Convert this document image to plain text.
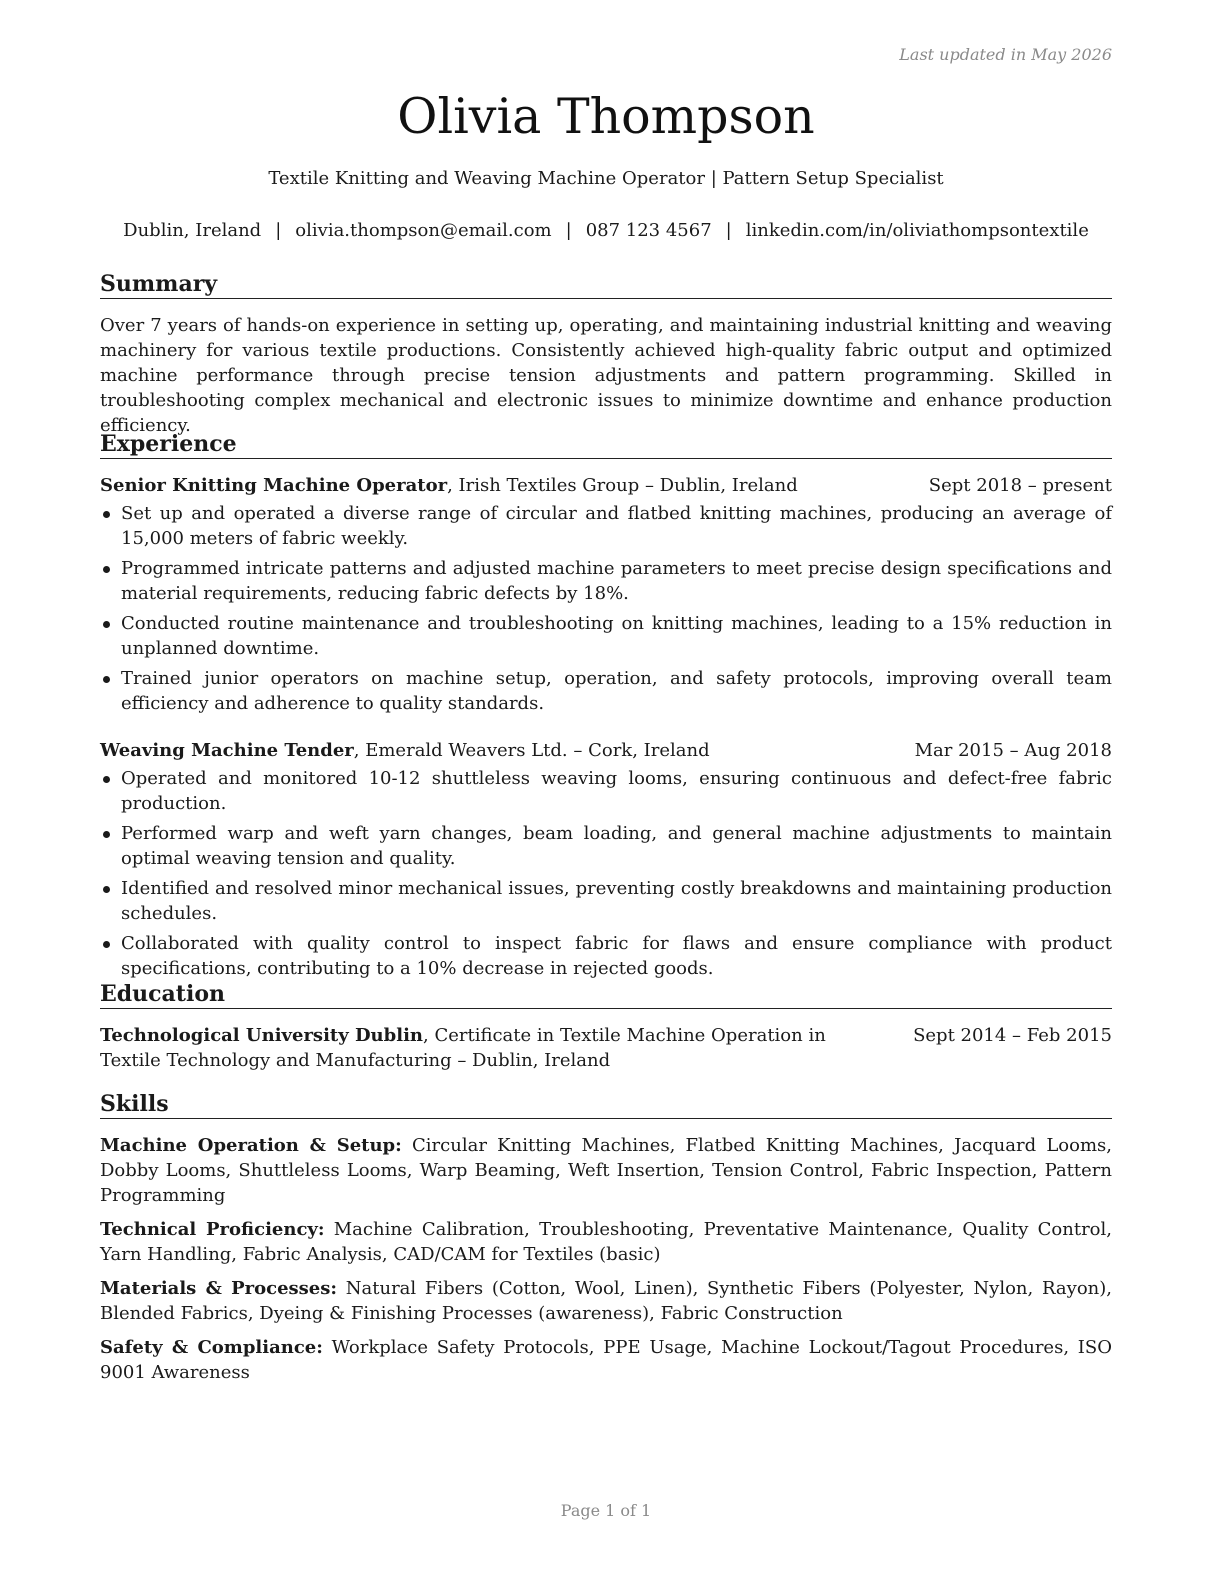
Last updated in May 2026
Olivia Thompson
Textile Knitting and Weaving Machine Operator | Pattern Setup Specialist
Dublin, Ireland | olivia.thompson@email.com | 087 123 4567 | linkedin.com/in/oliviathompsontextile
Summary
Over 7 years of hands-on experience in setting up, operating, and maintaining industrial knitting and weaving machinery for various textile productions. Consistently achieved high-quality fabric output and optimized machine performance through precise tension adjustments and pattern programming. Skilled in troubleshooting complex mechanical and electronic issues to minimize downtime and enhance production efficiency.
Experience
Senior Knitting Machine Operator, Irish Textiles Group – Dublin, Ireland	Sept 2018 – present
Set up and operated a diverse range of circular and flatbed knitting machines, producing an average of 15,000 meters of fabric weekly.
Programmed intricate patterns and adjusted machine parameters to meet precise design specifications and material requirements, reducing fabric defects by 18%.
Conducted routine maintenance and troubleshooting on knitting machines, leading to a 15% reduction in unplanned downtime.
Trained junior operators on machine setup, operation, and safety protocols, improving overall team efficiency and adherence to quality standards.
Weaving Machine Tender, Emerald Weavers Ltd. – Cork, Ireland	Mar 2015 – Aug 2018
Operated and monitored 10-12 shuttleless weaving looms, ensuring continuous and defect-free fabric production.
Performed warp and weft yarn changes, beam loading, and general machine adjustments to maintain optimal weaving tension and quality.
Identified and resolved minor mechanical issues, preventing costly breakdowns and maintaining production schedules.
Collaborated with quality control to inspect fabric for flaws and ensure compliance with product specifications, contributing to a 10% decrease in rejected goods.
Education
Technological University Dublin, Certificate in Textile Machine Operation in Textile Technology and Manufacturing – Dublin, Ireland
Sept 2014 – Feb 2015
Skills
Machine Operation & Setup: Circular Knitting Machines, Flatbed Knitting Machines, Jacquard Looms, Dobby Looms, Shuttleless Looms, Warp Beaming, Weft Insertion, Tension Control, Fabric Inspection, Pattern Programming
Technical Proficiency: Machine Calibration, Troubleshooting, Preventative Maintenance, Quality Control, Yarn Handling, Fabric Analysis, CAD/CAM for Textiles (basic)
Materials & Processes: Natural Fibers (Cotton, Wool, Linen), Synthetic Fibers (Polyester, Nylon, Rayon), Blended Fabrics, Dyeing & Finishing Processes (awareness), Fabric Construction
Safety & Compliance: Workplace Safety Protocols, PPE Usage, Machine Lockout/Tagout Procedures, ISO 9001 Awareness
Page 1 of 1
